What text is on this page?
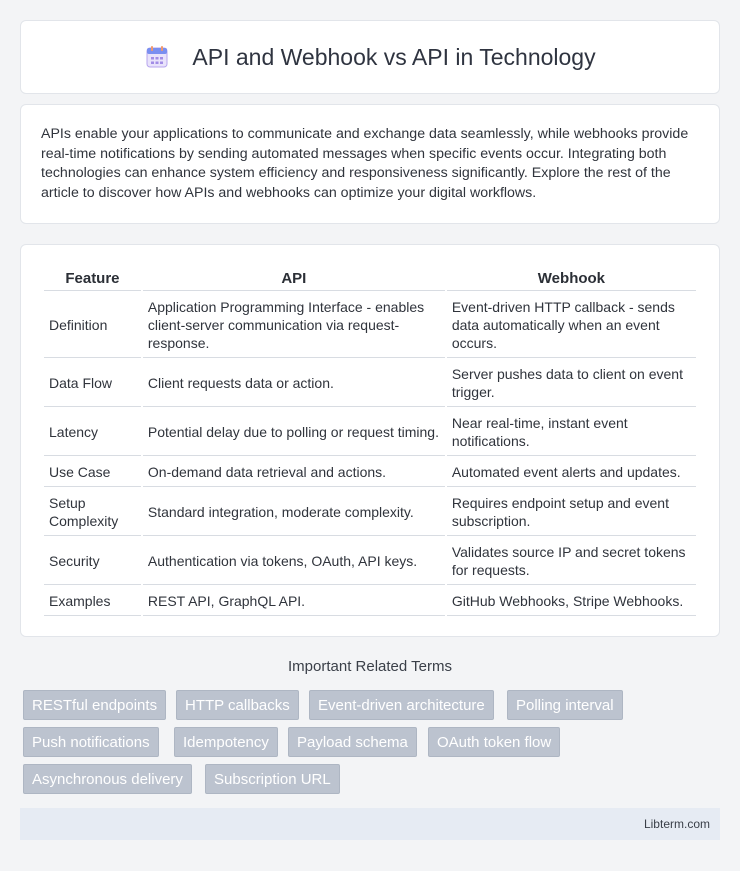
API and Webhook vs API in Technology

APIs enable your applications to communicate and exchange data seamlessly, while webhooks provide real-time notifications by sending automated messages when specific events occur. Integrating both technologies can enhance system efficiency and responsiveness significantly. Explore the rest of the article to discover how APIs and webhooks can optimize your digital workflows.

Feature	API	Webhook
Definition	Application Programming Interface - enables client-server communication via request-response.	Event-driven HTTP callback - sends data automatically when an event occurs.
Data Flow	Client requests data or action.	Server pushes data to client on event trigger.
Latency	Potential delay due to polling or request timing.	Near real-time, instant event notifications.
Use Case	On-demand data retrieval and actions.	Automated event alerts and updates.
Setup Complexity	Standard integration, moderate complexity.	Requires endpoint setup and event subscription.
Security	Authentication via tokens, OAuth, API keys.	Validates source IP and secret tokens for requests.
Examples	REST API, GraphQL API.	GitHub Webhooks, Stripe Webhooks.
Important Related Terms
RESTful endpoints	HTTP callbacks	Event-driven architecture	Polling interval
Push notifications	Idempotency	Payload schema	OAuth token flow
Asynchronous delivery	Subscription URL
Libterm.com
